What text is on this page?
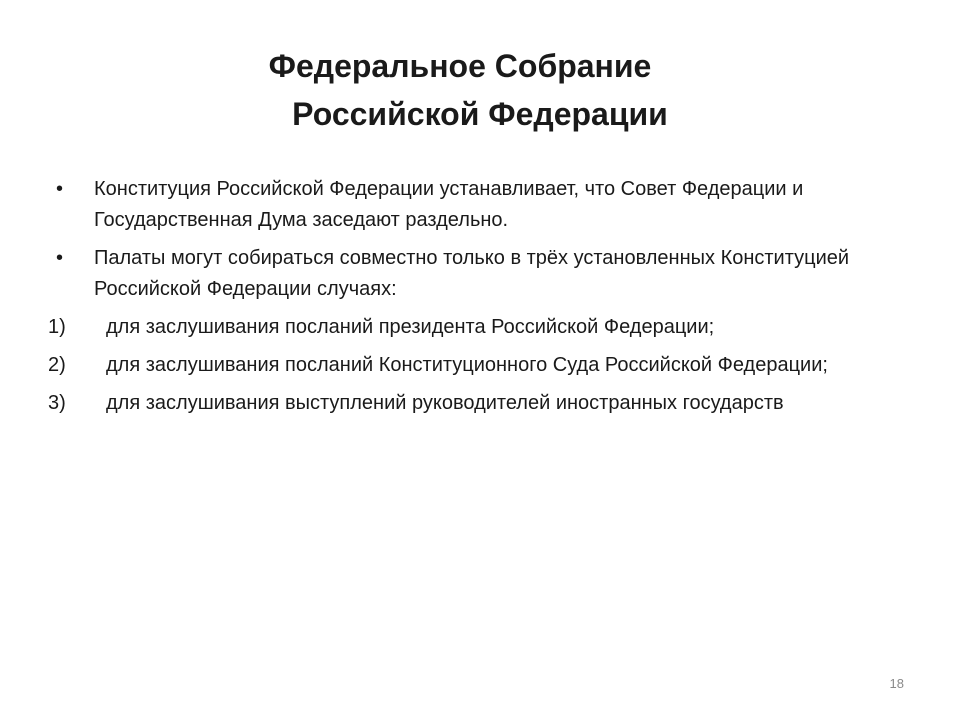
Федеральное Собрание
Российской Федерации
• Конституция Российской Федерации устанавливает, что Совет Федерации и Государственная Дума заседают раздельно.
• Палаты могут собираться совместно только в трёх установленных Конституцией Российской Федерации случаях:
1) для заслушивания посланий президента Российской Федерации;
2) для заслушивания посланий Конституционного Суда Российской Федерации;
3) для заслушивания выступлений руководителей иностранных государств
18
